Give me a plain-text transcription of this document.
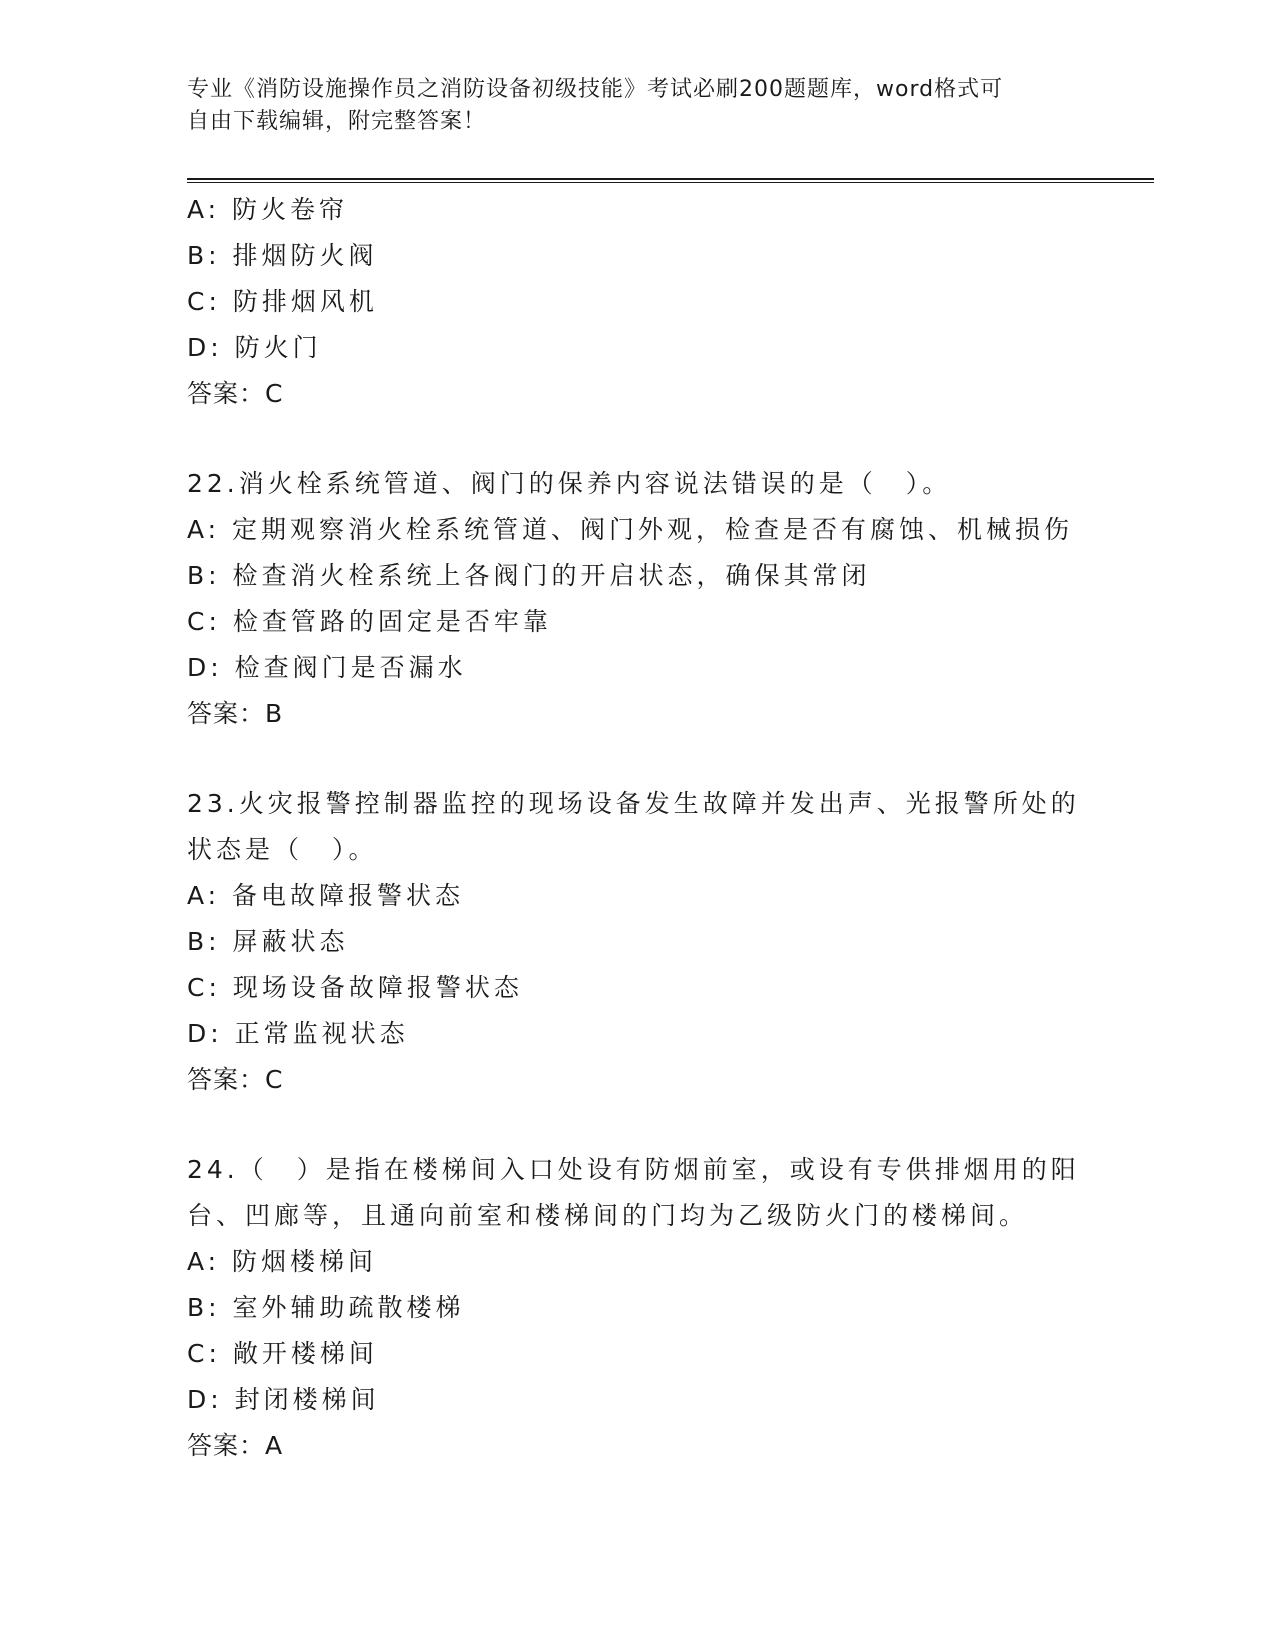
专业《消防设施操作员之消防设备初级技能》考试必刷200题题库，word格式可
自由下载编辑，附完整答案！
A: 防火卷帘
B: 排烟防火阀
C: 防排烟风机
D: 防火门
答案：C
22.消火栓系统管道、阀门的保养内容说法错误的是（　）。
A: 定期观察消火栓系统管道、阀门外观，检查是否有腐蚀、机械损伤
B: 检查消火栓系统上各阀门的开启状态，确保其常闭
C: 检查管路的固定是否牢靠
D: 检查阀门是否漏水
答案：B
23.火灾报警控制器监控的现场设备发生故障并发出声、光报警所处的
状态是（　）。
A: 备电故障报警状态
B: 屏蔽状态
C: 现场设备故障报警状态
D: 正常监视状态
答案：C
24.（　）是指在楼梯间入口处设有防烟前室，或设有专供排烟用的阳
台、凹廊等，且通向前室和楼梯间的门均为乙级防火门的楼梯间。
A: 防烟楼梯间
B: 室外辅助疏散楼梯
C: 敞开楼梯间
D: 封闭楼梯间
答案：A
